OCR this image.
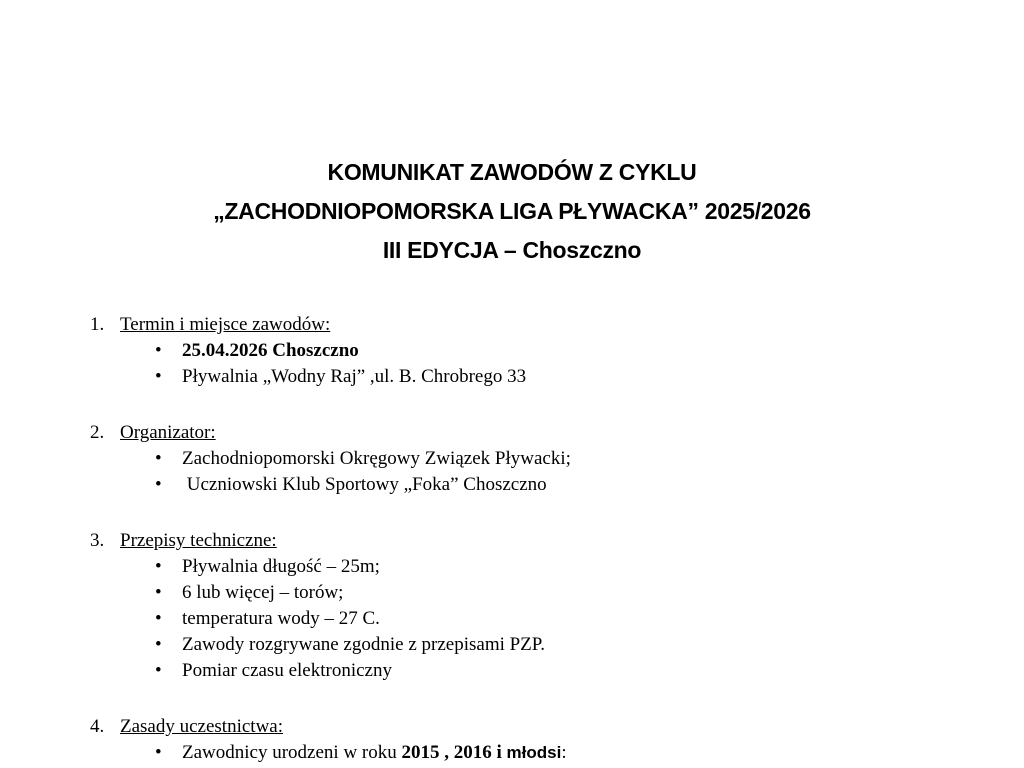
KOMUNIKAT ZAWODÓW Z CYKLU
„ZACHODNIOPOMORSKA LIGA PŁYWACKA” 2025/2026
III EDYCJA – Choszczno
1. Termin i miejsce zawodów:
• 25.04.2026 Choszczno
• Pływalnia „Wodny Raj” ,ul. B. Chrobrego 33
2. Organizator:
• Zachodniopomorski Okręgowy Związek Pływacki;
• Uczniowski Klub Sportowy „Foka” Choszczno
3. Przepisy techniczne:
• Pływalnia długość – 25m;
• 6 lub więcej – torów;
• temperatura wody – 27 C.
• Zawody rozgrywane zgodnie z przepisami PZP.
• Pomiar czasu elektroniczny
4. Zasady uczestnictwa:
• Zawodnicy urodzeni w roku 2015 , 2016 i młodsi:
